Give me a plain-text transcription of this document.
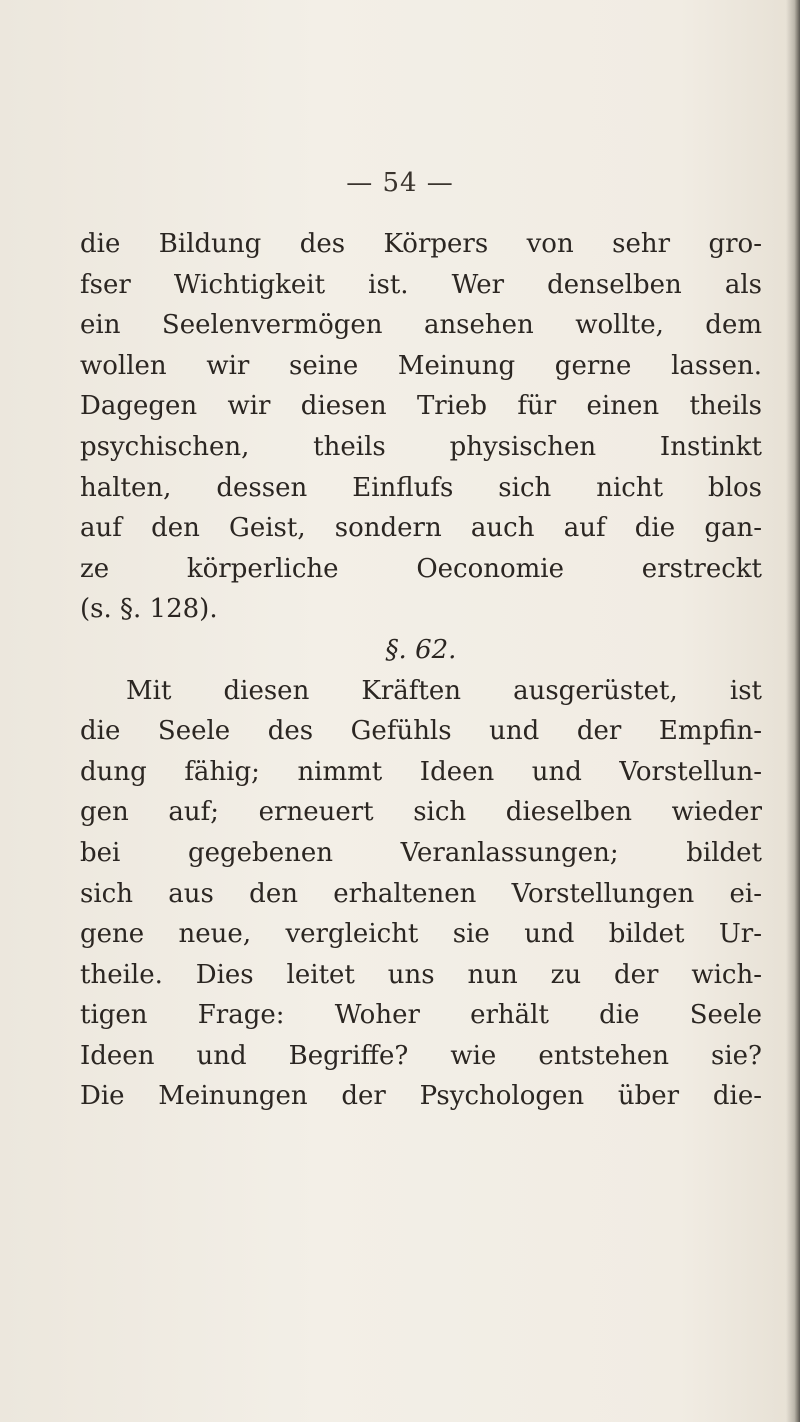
— 54 —
die Bildung des Körpers von sehr gro-
fser Wichtigkeit ist. Wer denselben als
ein Seelenvermögen ansehen wollte, dem
wollen wir seine Meinung gerne lassen.
Dagegen wir diesen Trieb für einen theils
psychischen, theils physischen Instinkt
halten, dessen Einflufs sich nicht blos
auf den Geist, sondern auch auf die gan-
ze körperliche Oeconomie erstreckt
(s. §. 128).
§. 62.
Mit diesen Kräften ausgerüstet, ist
die Seele des Gefühls und der Empfin-
dung fähig; nimmt Ideen und Vorstellun-
gen auf; erneuert sich dieselben wieder
bei gegebenen Veranlassungen; bildet
sich aus den erhaltenen Vorstellungen ei-
gene neue, vergleicht sie und bildet Ur-
theile. Dies leitet uns nun zu der wich-
tigen Frage: Woher erhält die Seele
Ideen und Begriffe? wie entstehen sie?
Die Meinungen der Psychologen über die-
